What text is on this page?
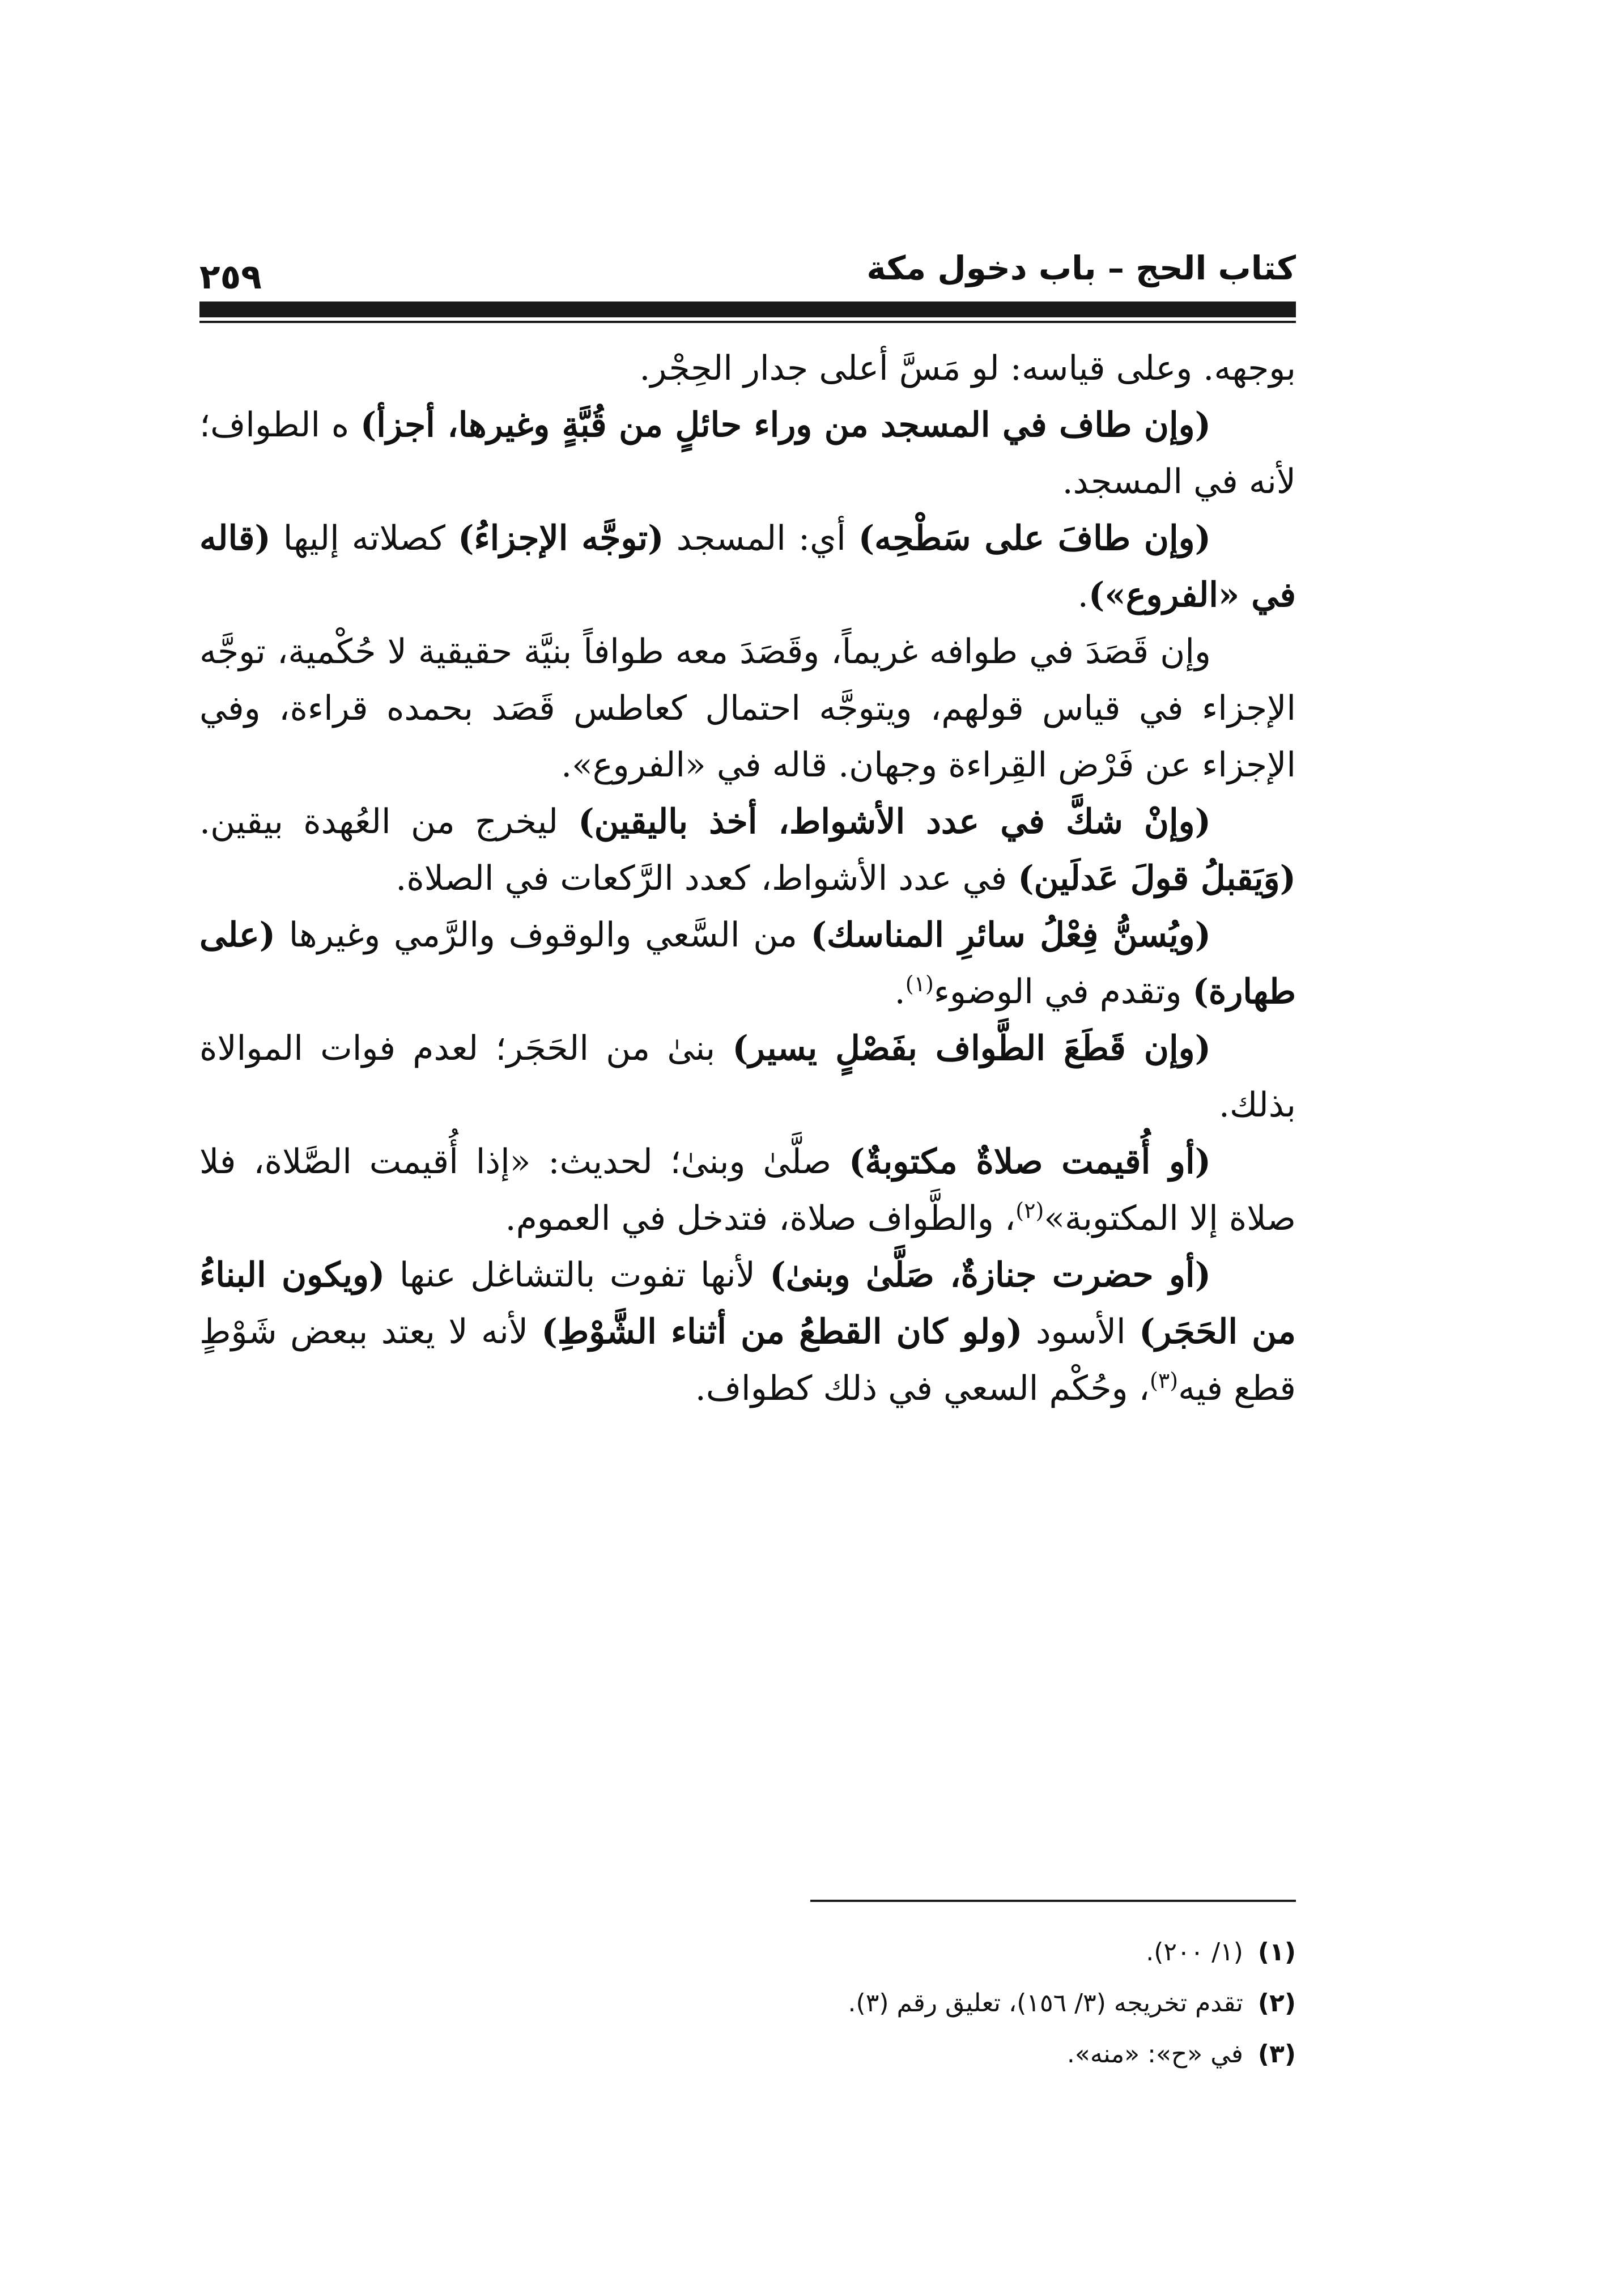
كتاب الحج – باب دخول مكة
٢٥٩

بوجهه. وعلى قياسه: لو مَسَّ أعلى جدار الحِجْر.

(وإن طاف في المسجد من وراء حائلٍ من قُبَّةٍ وغيرها، أجزأ) ه الطواف؛ لأنه في المسجد.

(وإن طافَ على سَطْحِه) أي: المسجد (توجَّه الإجزاءُ) كصلاته إليها (قاله في «الفروع»).

وإن قَصَدَ في طوافه غريماً، وقَصَدَ معه طوافاً بنيَّة حقيقية لا حُكْمية، توجَّه الإجزاء في قياس قولهم، ويتوجَّه احتمال كعاطس قَصَد بحمده قراءة، وفي الإجزاء عن فَرْض القِراءة وجهان. قاله في «الفروع».

(وإنْ شكَّ في عدد الأشواط، أخذ باليقين) ليخرج من العُهدة بيقين. (وَيَقبلُ قولَ عَدلَين) في عدد الأشواط، كعدد الرَّكعات في الصلاة.

(ويُسنُّ فِعْلُ سائرِ المناسك) من السَّعي والوقوف والرَّمي وغيرها (على طهارة) وتقدم في الوضوء$^{(١)}$.

(وإن قَطَعَ الطَّواف بفَصْلٍ يسير) بنىٰ من الحَجَر؛ لعدم فوات الموالاة بذلك.

(أو أُقيمت صلاةٌ مكتوبةٌ) صلَّىٰ وبنىٰ؛ لحديث: «إذا أُقيمت الصَّلاة، فلا صلاة إلا المكتوبة»$^{(٢)}$، والطَّواف صلاة، فتدخل في العموم.

(أو حضرت جنازةٌ، صَلَّىٰ وبنىٰ) لأنها تفوت بالتشاغل عنها (ويكون البناءُ من الحَجَر) الأسود (ولو كان القطعُ من أثناء الشَّوْطِ) لأنه لا يعتد ببعض شَوْطٍ قطع فيه$^{(٣)}$، وحُكْم السعي في ذلك كطواف.

(١)(١/ ٢٠٠).

(٢)تقدم تخريجه (٣/ ١٥٦)، تعليق رقم (٣).

(٣)في «ح»: «منه».
